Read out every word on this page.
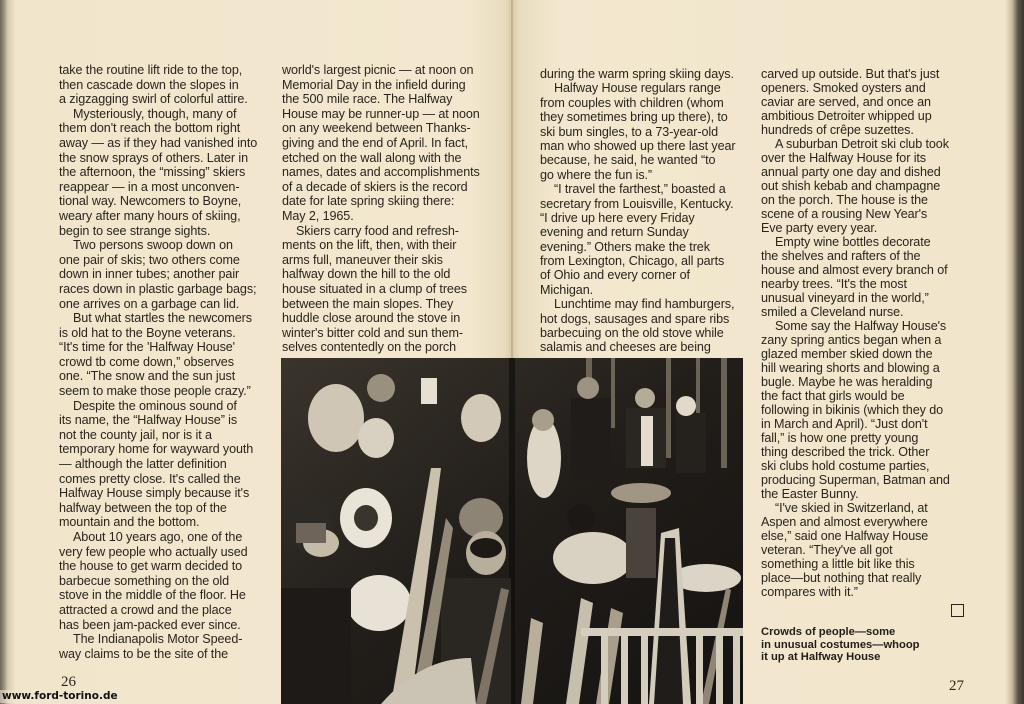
take the routine lift ride to the top,
then cascade down the slopes in
a zigzagging swirl of colorful attire.

Mysteriously, though, many of
them don't reach the bottom right
away — as if they had vanished into
the snow sprays of others. Later in
the afternoon, the “missing” skiers
reappear — in a most unconven-
tional way. Newcomers to Boyne,
weary after many hours of skiing,
begin to see strange sights.

Two persons swoop down on
one pair of skis; two others come
down in inner tubes; another pair
races down in plastic garbage bags;
one arrives on a garbage can lid.

But what startles the newcomers
is old hat to the Boyne veterans.
“It's time for the 'Halfway House'
crowd tb come down,” observes
one. “The snow and the sun just
seem to make those people crazy.”

Despite the ominous sound of
its name, the “Halfway House” is
not the county jail, nor is it a
temporary home for wayward youth
— although the latter definition
comes pretty close. It's called the
Halfway House simply because it's
halfway between the top of the
mountain and the bottom.

About 10 years ago, one of the
very few people who actually used
the house to get warm decided to
barbecue something on the old
stove in the middle of the floor. He
attracted a crowd and the place
has been jam-packed ever since.

The Indianapolis Motor Speed-
way claims to be the site of the

world's largest picnic — at noon on
Memorial Day in the infield during
the 500 mile race. The Halfway
House may be runner-up — at noon
on any weekend between Thanks-
giving and the end of April. In fact,
etched on the wall along with the
names, dates and accomplishments
of a decade of skiers is the record
date for late spring skiing there:
May 2, 1965.

Skiers carry food and refresh-
ments on the lift, then, with their
arms full, maneuver their skis
halfway down the hill to the old
house situated in a clump of trees
between the main slopes. They
huddle close around the stove in
winter's bitter cold and sun them-
selves contentedly on the porch

during the warm spring skiing days.

Halfway House regulars range
from couples with children (whom
they sometimes bring up there), to
ski bum singles, to a 73-year-old
man who showed up there last year
because, he said, he wanted “to
go where the fun is.”

“I travel the farthest,” boasted a
secretary from Louisville, Kentucky.
“I drive up here every Friday
evening and return Sunday
evening.” Others make the trek
from Lexington, Chicago, all parts
of Ohio and every corner of
Michigan.

Lunchtime may find hamburgers,
hot dogs, sausages and spare ribs
barbecuing on the old stove while
salamis and cheeses are being

carved up outside. But that's just
openers. Smoked oysters and
caviar are served, and once an
ambitious Detroiter whipped up
hundreds of crêpe suzettes.

A suburban Detroit ski club took
over the Halfway House for its
annual party one day and dished
out shish kebab and champagne
on the porch. The house is the
scene of a rousing New Year's
Eve party every year.

Empty wine bottles decorate
the shelves and rafters of the
house and almost every branch of
nearby trees. “It's the most
unusual vineyard in the world,”
smiled a Cleveland nurse.

Some say the Halfway House's
zany spring antics began when a
glazed member skied down the
hill wearing shorts and blowing a
bugle. Maybe he was heralding
the fact that girls would be
following in bikinis (which they do
in March and April). “Just don't
fall,” is how one pretty young
thing described the trick. Other
ski clubs hold costume parties,
producing Superman, Batman and
the Easter Bunny.

“I've skied in Switzerland, at
Aspen and almost everywhere
else,” said one Halfway House
veteran. “They've all got
something a little bit like this
place—but nothing that really
compares with it.”

Crowds of people—some
in unusual costumes—whoop
it up at Halfway House
26	27
www.ford-torino.de
